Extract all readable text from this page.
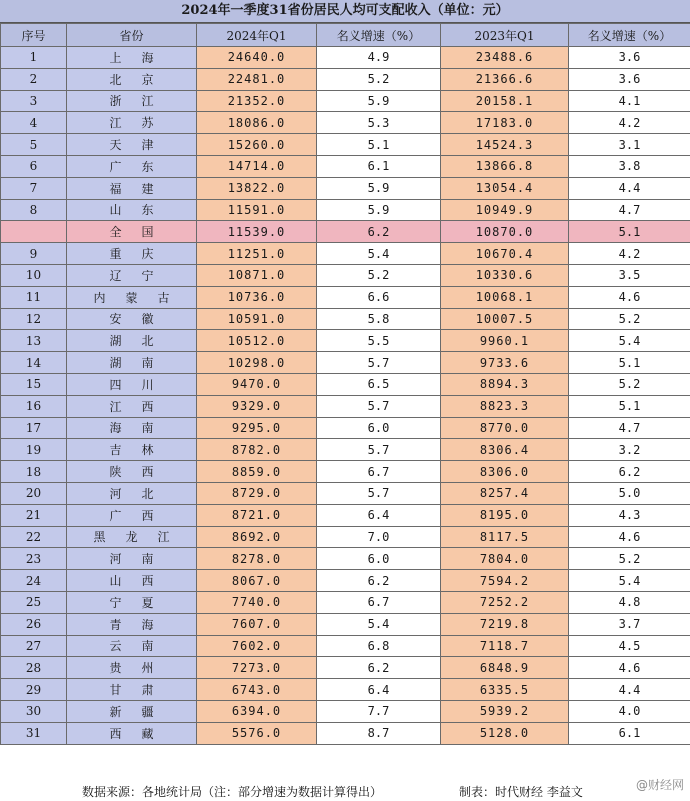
2024年一季度31省份居民人均可支配收入（单位：元）
序号	省份	2024年Q1	名义增速（%）	2023年Q1	名义增速（%）
1	上海	24640.0	4.9	23488.6	3.6
2	北京	22481.0	5.2	21366.6	3.6
3	浙江	21352.0	5.9	20158.1	4.1
4	江苏	18086.0	5.3	17183.0	4.2
5	天津	15260.0	5.1	14524.3	3.1
6	广东	14714.0	6.1	13866.8	3.8
7	福建	13822.0	5.9	13054.4	4.4
8	山东	11591.0	5.9	10949.9	4.7
	全国	11539.0	6.2	10870.0	5.1
9	重庆	11251.0	5.4	10670.4	4.2
10	辽宁	10871.0	5.2	10330.6	3.5
11	内蒙古	10736.0	6.6	10068.1	4.6
12	安徽	10591.0	5.8	10007.5	5.2
13	湖北	10512.0	5.5	9960.1	5.4
14	湖南	10298.0	5.7	9733.6	5.1
15	四川	9470.0	6.5	8894.3	5.2
16	江西	9329.0	5.7	8823.3	5.1
17	海南	9295.0	6.0	8770.0	4.7
19	吉林	8782.0	5.7	8306.4	3.2
18	陕西	8859.0	6.7	8306.0	6.2
20	河北	8729.0	5.7	8257.4	5.0
21	广西	8721.0	6.4	8195.0	4.3
22	黑龙江	8692.0	7.0	8117.5	4.6
23	河南	8278.0	6.0	7804.0	5.2
24	山西	8067.0	6.2	7594.2	5.4
25	宁夏	7740.0	6.7	7252.2	4.8
26	青海	7607.0	5.4	7219.8	3.7
27	云南	7602.0	6.8	7118.7	4.5
28	贵州	7273.0	6.2	6848.9	4.6
29	甘肃	6743.0	6.4	6335.5	4.4
30	新疆	6394.0	7.7	5939.2	4.0
31	西藏	5576.0	8.7	5128.0	6.1
数据来源：各地统计局（注：部分增速为数据计算得出）	制表：时代财经 李益文	@财经网
